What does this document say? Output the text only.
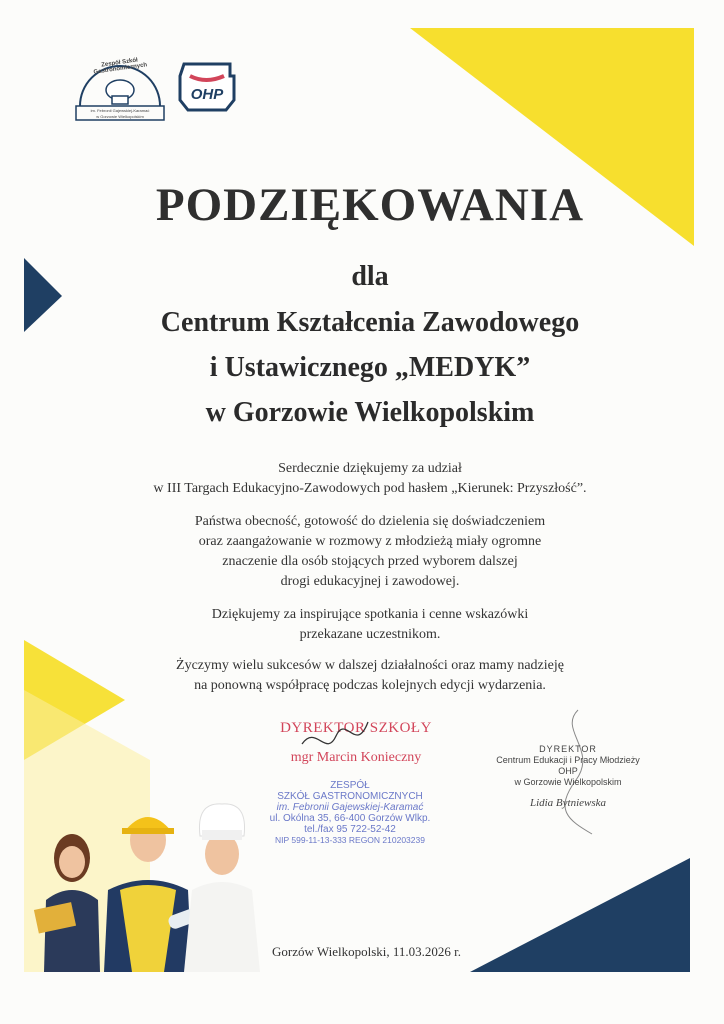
Zespół Szkół Gastronomicznych
im. Febronii Gajewskiej-Karamać
w Gorzowie Wielkopolskim
OHP
PODZIĘKOWANIA
dla
Centrum Kształcenia Zawodowego
i Ustawicznego „MEDYK”
w Gorzowie Wielkopolskim
Serdecznie dziękujemy za udział
w III Targach Edukacyjno-Zawodowych pod hasłem „Kierunek: Przyszłość”.
Państwa obecność, gotowość do dzielenia się doświadczeniem
oraz zaangażowanie w rozmowy z młodzieżą miały ogromne
znaczenie dla osób stojących przed wyborem dalszej
drogi edukacyjnej i zawodowej.
Dziękujemy za inspirujące spotkania i cenne wskazówki
przekazane uczestnikom.
Życzymy wielu sukcesów w dalszej działalności oraz mamy nadzieję
na ponowną współpracę podczas kolejnych edycji wydarzenia.
DYREKTOR SZKOŁY
mgr Marcin Konieczny
ZESPÓŁ
SZKÓŁ GASTRONOMICZNYCH
im. Febronii Gajewskiej-Karamać
ul. Okólna 35, 66-400 Gorzów Wlkp.
tel./fax 95 722-52-42
NIP 599-11-13-333 REGON 210203239
DYREKTOR
Centrum Edukacji i Pracy Młodzieży OHP
w Gorzowie Wielkopolskim
Lidia Bytniewska
Gorzów Wielkopolski, 11.03.2026 r.
